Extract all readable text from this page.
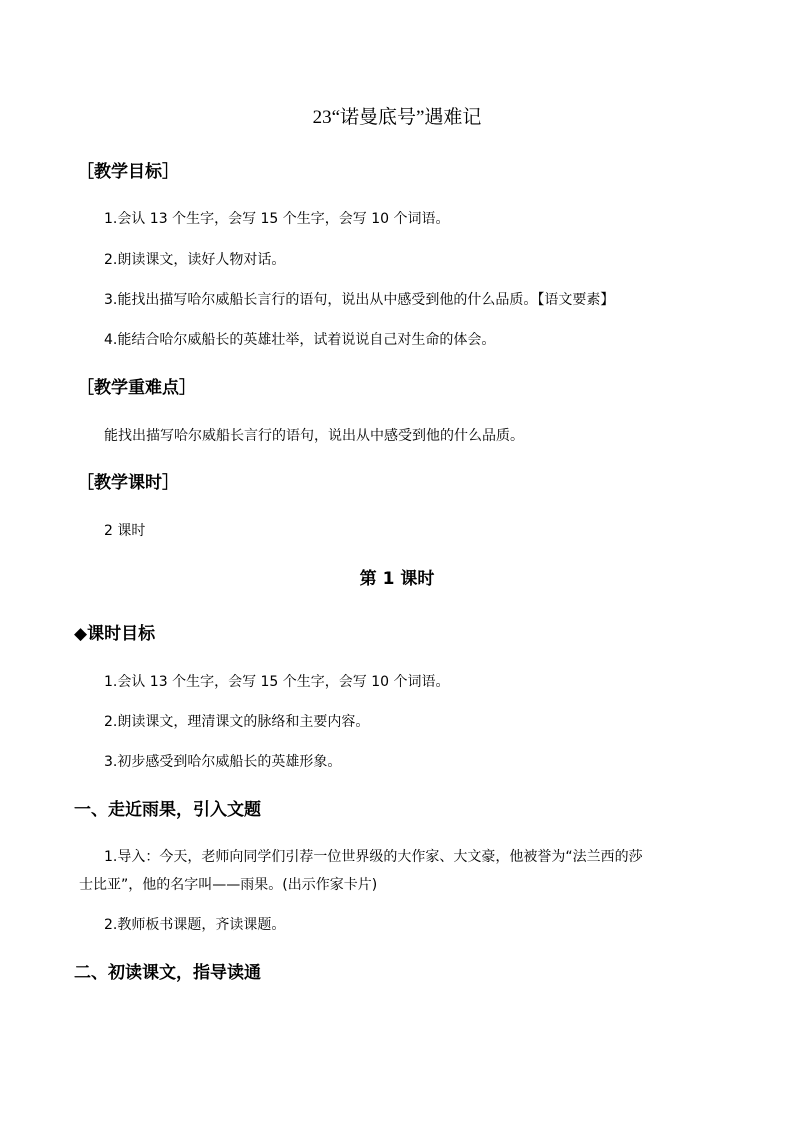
23“诺曼底号”遇难记
［教学目标］
1.会认 13 个生字，会写 15 个生字，会写 10 个词语。
2.朗读课文，读好人物对话。
3.能找出描写哈尔威船长言行的语句，说出从中感受到他的什么品质。【语文要素】
4.能结合哈尔威船长的英雄壮举，试着说说自己对生命的体会。
［教学重难点］
能找出描写哈尔威船长言行的语句，说出从中感受到他的什么品质。
［教学课时］
2 课时
第 1 课时
◆课时目标
1.会认 13 个生字，会写 15 个生字，会写 10 个词语。
2.朗读课文，理清课文的脉络和主要内容。
3.初步感受到哈尔威船长的英雄形象。
一、走近雨果，引入文题
1.导入：今天，老师向同学们引荐一位世界级的大作家、大文豪，他被誉为“法兰西的莎
士比亚”，他的名字叫——雨果。(出示作家卡片)
2.教师板书课题，齐读课题。
二、初读课文，指导读通
